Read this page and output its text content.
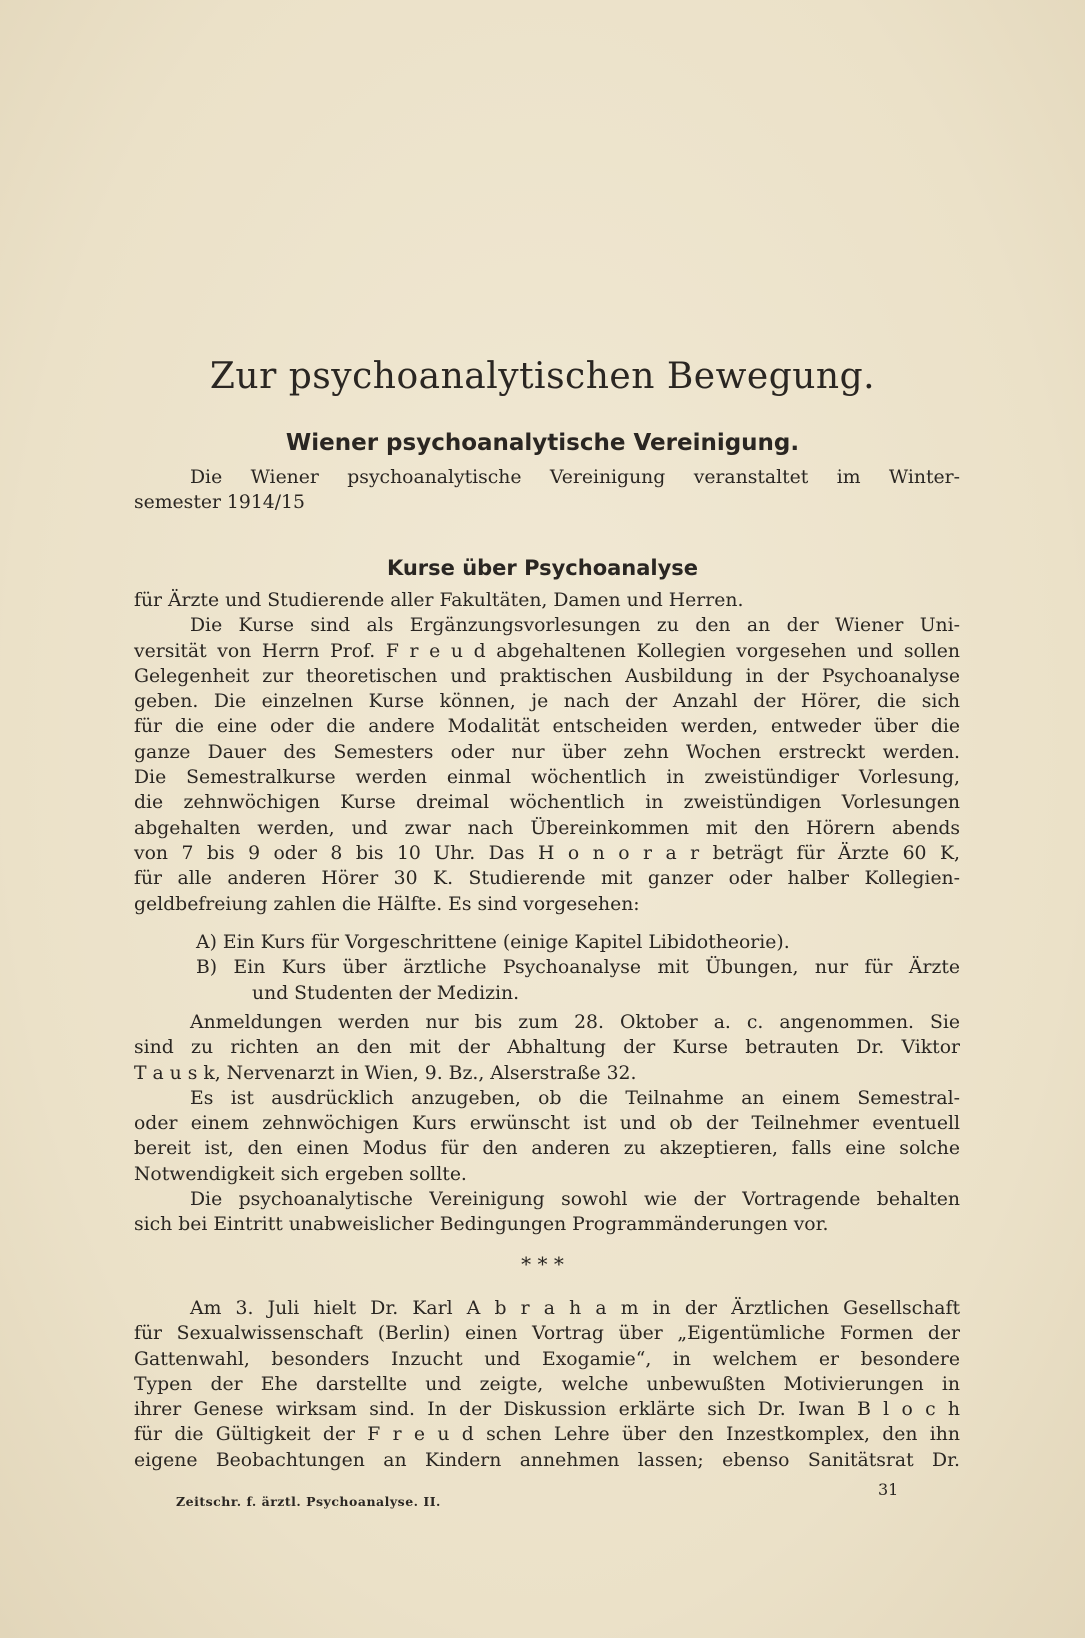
Zur psychoanalytischen Bewegung.
Wiener psychoanalytische Vereinigung.
Die Wiener psychoanalytische Vereinigung veranstaltet im Winter-
semester 1914/15
Kurse über Psychoanalyse
für Ärzte und Studierende aller Fakultäten, Damen und Herren.
Die Kurse sind als Ergänzungsvorlesungen zu den an der Wiener Uni-
versität von Herrn Prof. F r e u d abgehaltenen Kollegien vorgesehen und sollen
Gelegenheit zur theoretischen und praktischen Ausbildung in der Psychoanalyse
geben. Die einzelnen Kurse können, je nach der Anzahl der Hörer, die sich
für die eine oder die andere Modalität entscheiden werden, entweder über die
ganze Dauer des Semesters oder nur über zehn Wochen erstreckt werden.
Die Semestralkurse werden einmal wöchentlich in zweistündiger Vorlesung,
die zehnwöchigen Kurse dreimal wöchentlich in zweistündigen Vorlesungen
abgehalten werden, und zwar nach Übereinkommen mit den Hörern abends
von 7 bis 9 oder 8 bis 10 Uhr. Das H o n o r a r beträgt für Ärzte 60 K,
für alle anderen Hörer 30 K. Studierende mit ganzer oder halber Kollegien-
geldbefreiung zahlen die Hälfte. Es sind vorgesehen:
A) Ein Kurs für Vorgeschrittene (einige Kapitel Libidotheorie).
B) Ein Kurs über ärztliche Psychoanalyse mit Übungen, nur für Ärzte
und Studenten der Medizin.
Anmeldungen werden nur bis zum 28. Oktober a. c. angenommen. Sie
sind zu richten an den mit der Abhaltung der Kurse betrauten Dr. Viktor
T a u s k, Nervenarzt in Wien, 9. Bz., Alserstraße 32.
Es ist ausdrücklich anzugeben, ob die Teilnahme an einem Semestral-
oder einem zehnwöchigen Kurs erwünscht ist und ob der Teilnehmer eventuell
bereit ist, den einen Modus für den anderen zu akzeptieren, falls eine solche
Notwendigkeit sich ergeben sollte.
Die psychoanalytische Vereinigung sowohl wie der Vortragende behalten
sich bei Eintritt unabweislicher Bedingungen Programmänderungen vor.
* * *
Am 3. Juli hielt Dr. Karl A b r a h a m in der Ärztlichen Gesellschaft
für Sexualwissenschaft (Berlin) einen Vortrag über „Eigentümliche Formen der
Gattenwahl, besonders Inzucht und Exogamie“, in welchem er besondere
Typen der Ehe darstellte und zeigte, welche unbewußten Motivierungen in
ihrer Genese wirksam sind. In der Diskussion erklärte sich Dr. Iwan B l o c h
für die Gültigkeit der F r e u d schen Lehre über den Inzestkomplex, den ihn
eigene Beobachtungen an Kindern annehmen lassen; ebenso Sanitätsrat Dr.
Zeitschr. f. ärztl. Psychoanalyse. II.
31
